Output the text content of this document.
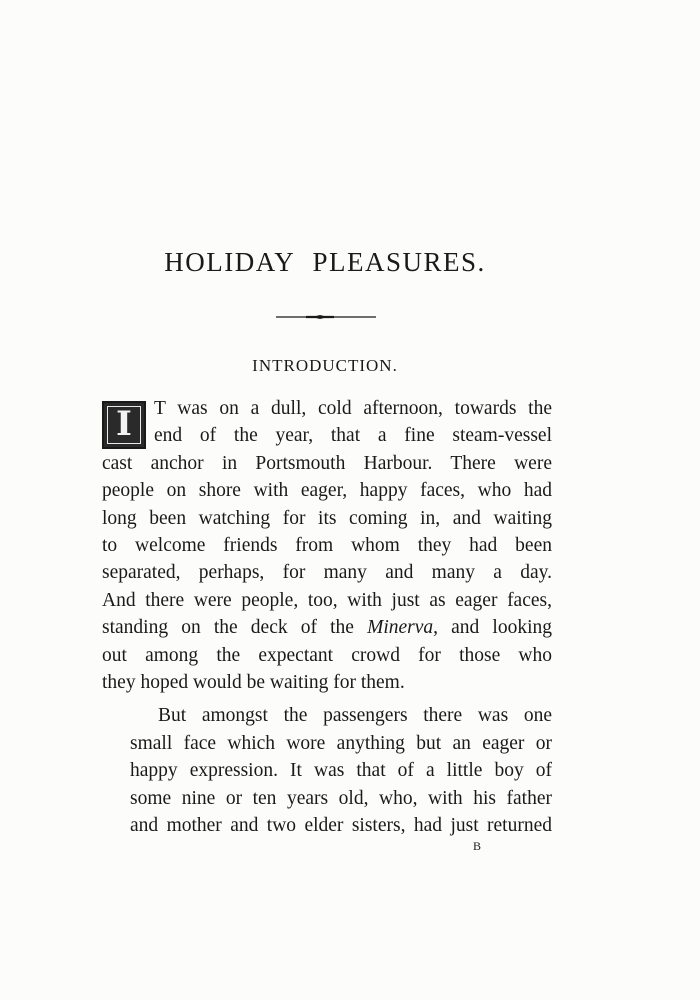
HOLIDAY PLEASURES.
INTRODUCTION.
I	T was on a dull, cold afternoon, towards the
end of the year, that a fine steam-vessel
cast anchor in Portsmouth Harbour. There were
people on shore with eager, happy faces, who had
long been watching for its coming in, and waiting
to welcome friends from whom they had been
separated, perhaps, for many and many a day.
And there were people, too, with just as eager faces,
standing on the deck of the Minerva, and looking
out among the expectant crowd for those who
they hoped would be waiting for them.
But amongst the passengers there was one
small face which wore anything but an eager or
happy expression. It was that of a little boy of
some nine or ten years old, who, with his father
and mother and two elder sisters, had just returned
B
